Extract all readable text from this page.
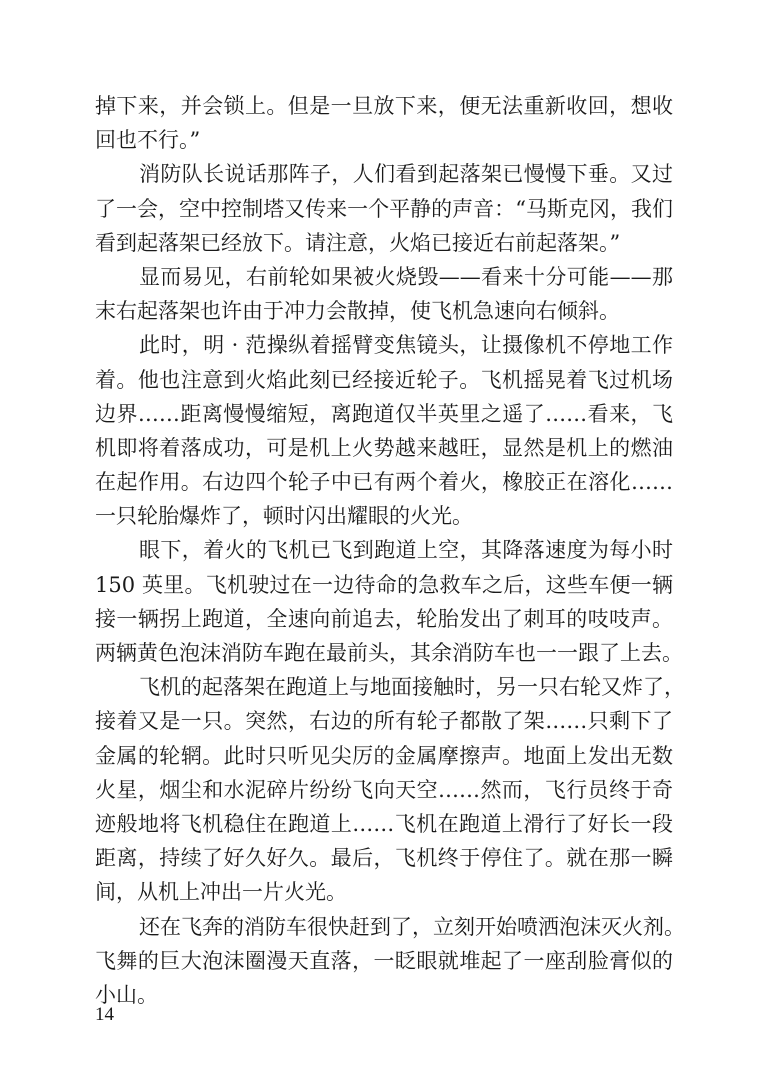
掉下来，并会锁上。但是一旦放下来，便无法重新收回，想收
回也不行。”
消防队长说话那阵子，人们看到起落架已慢慢下垂。又过
了一会，空中控制塔又传来一个平静的声音：“马斯克冈，我们
看到起落架已经放下。请注意，火焰已接近右前起落架。”
显而易见，右前轮如果被火烧毁——看来十分可能——那
末右起落架也许由于冲力会散掉，使飞机急速向右倾斜。
此时，明 · 范操纵着摇臂变焦镜头，让摄像机不停地工作
着。他也注意到火焰此刻已经接近轮子。飞机摇晃着飞过机场
边界……距离慢慢缩短，离跑道仅半英里之遥了……看来，飞
机即将着落成功，可是机上火势越来越旺，显然是机上的燃油
在起作用。右边四个轮子中已有两个着火，橡胶正在溶化……
一只轮胎爆炸了，顿时闪出耀眼的火光。
眼下，着火的飞机已飞到跑道上空，其降落速度为每小时
150 英里。飞机驶过在一边待命的急救车之后，这些车便一辆
接一辆拐上跑道，全速向前追去，轮胎发出了刺耳的吱吱声。
两辆黄色泡沫消防车跑在最前头，其余消防车也一一跟了上去。
飞机的起落架在跑道上与地面接触时，另一只右轮又炸了，
接着又是一只。突然，右边的所有轮子都散了架……只剩下了
金属的轮辋。此时只听见尖厉的金属摩擦声。地面上发出无数
火星，烟尘和水泥碎片纷纷飞向天空……然而，飞行员终于奇
迹般地将飞机稳住在跑道上……飞机在跑道上滑行了好长一段
距离，持续了好久好久。最后，飞机终于停住了。就在那一瞬
间，从机上冲出一片火光。
还在飞奔的消防车很快赶到了，立刻开始喷洒泡沫灭火剂。
飞舞的巨大泡沫圈漫天直落，一眨眼就堆起了一座刮脸膏似的
小山。
14
